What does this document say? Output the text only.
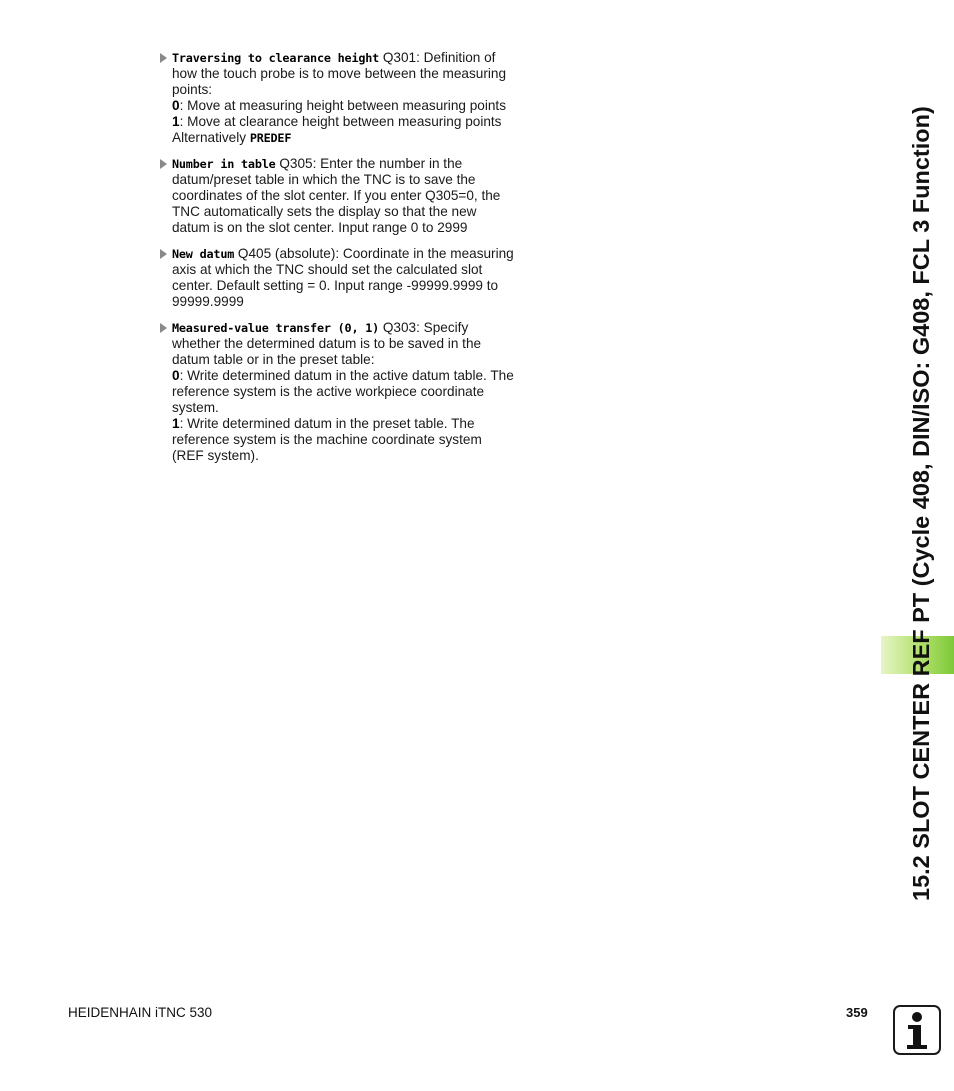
Traversing to clearance height Q301: Definition of how the touch probe is to move between the measuring points:
0: Move at measuring height between measuring points
1: Move at clearance height between measuring points
Alternatively PREDEF
Number in table Q305: Enter the number in the datum/preset table in which the TNC is to save the coordinates of the slot center. If you enter Q305=0, the TNC automatically sets the display so that the new datum is on the slot center. Input range 0 to 2999
New datum Q405 (absolute): Coordinate in the measuring axis at which the TNC should set the calculated slot center. Default setting = 0. Input range -99999.9999 to 99999.9999
Measured-value transfer (0, 1) Q303: Specify whether the determined datum is to be saved in the datum table or in the preset table:
0: Write determined datum in the active datum table. The reference system is the active workpiece coordinate system.
1: Write determined datum in the preset table. The reference system is the machine coordinate system (REF system).	15.2 SLOT CENTER REF PT (Cycle 408, DIN/ISO: G408, FCL 3 Function)
HEIDENHAIN iTNC 530	359
